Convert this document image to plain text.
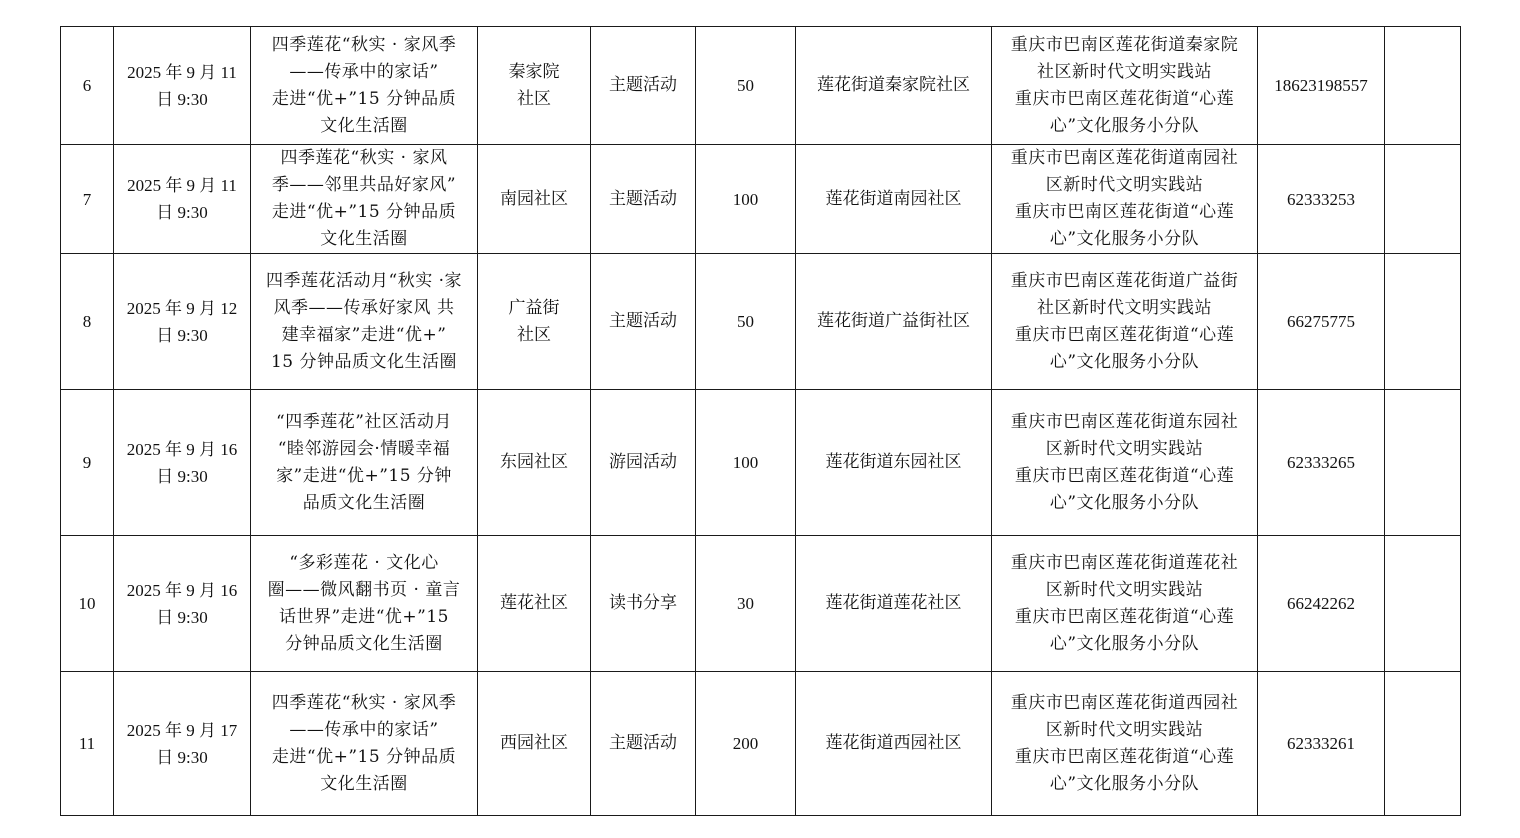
6	2025 年 9 月 11
日 9:30	四季莲花“秋实 · 家风季
——传承中的家话”
走进“优+”15 分钟品质
文化生活圈	秦家院
社区	主题活动	50	莲花街道秦家院社区	重庆市巴南区莲花街道秦家院
社区新时代文明实践站
重庆市巴南区莲花街道“心莲
心”文化服务小分队	18623198557	
7	2025 年 9 月 11
日 9:30	四季莲花“秋实 · 家风
季——邻里共品好家风”
走进“优+”15 分钟品质
文化生活圈	南园社区	主题活动	100	莲花街道南园社区	重庆市巴南区莲花街道南园社
区新时代文明实践站
重庆市巴南区莲花街道“心莲
心”文化服务小分队	62333253	
8	2025 年 9 月 12
日 9:30	四季莲花活动月“秋实 ·家
风季——传承好家风 共
建幸福家”走进“优+”
15 分钟品质文化生活圈	广益街
社区	主题活动	50	莲花街道广益街社区	重庆市巴南区莲花街道广益街
社区新时代文明实践站
重庆市巴南区莲花街道“心莲
心”文化服务小分队	66275775	
9	2025 年 9 月 16
日 9:30	“四季莲花”社区活动月
“睦邻游园会·情暖幸福
家”走进“优+”15 分钟
品质文化生活圈	东园社区	游园活动	100	莲花街道东园社区	重庆市巴南区莲花街道东园社
区新时代文明实践站
重庆市巴南区莲花街道“心莲
心”文化服务小分队	62333265	
10	2025 年 9 月 16
日 9:30	“多彩莲花 · 文化心
圈——微风翻书页 · 童言
话世界”走进“优+”15
分钟品质文化生活圈	莲花社区	读书分享	30	莲花街道莲花社区	重庆市巴南区莲花街道莲花社
区新时代文明实践站
重庆市巴南区莲花街道“心莲
心”文化服务小分队	66242262	
11	2025 年 9 月 17
日 9:30	四季莲花“秋实 · 家风季
——传承中的家话”
走进“优+”15 分钟品质
文化生活圈	西园社区	主题活动	200	莲花街道西园社区	重庆市巴南区莲花街道西园社
区新时代文明实践站
重庆市巴南区莲花街道“心莲
心”文化服务小分队	62333261	
